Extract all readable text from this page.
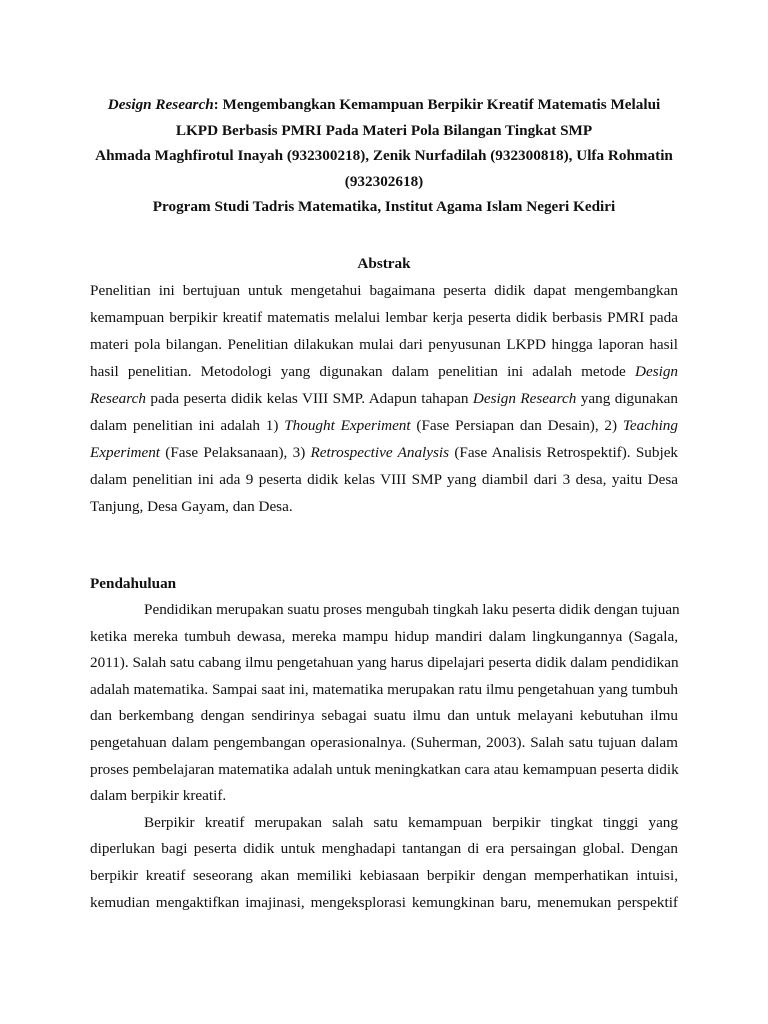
Design Research: Mengembangkan Kemampuan Berpikir Kreatif Matematis Melalui
LKPD Berbasis PMRI Pada Materi Pola Bilangan Tingkat SMP
Ahmada Maghfirotul Inayah (932300218), Zenik Nurfadilah (932300818), Ulfa Rohmatin
(932302618)
Program Studi Tadris Matematika, Institut Agama Islam Negeri Kediri
Abstrak
Penelitian ini bertujuan untuk mengetahui bagaimana peserta didik dapat mengembangkan
kemampuan berpikir kreatif matematis melalui lembar kerja peserta didik berbasis PMRI pada
materi pola bilangan. Penelitian dilakukan mulai dari penyusunan LKPD hingga laporan hasil
hasil penelitian. Metodologi yang digunakan dalam penelitian ini adalah metode Design
Research pada peserta didik kelas VIII SMP. Adapun tahapan Design Research yang digunakan
dalam penelitian ini adalah 1) Thought Experiment (Fase Persiapan dan Desain), 2) Teaching
Experiment (Fase Pelaksanaan), 3) Retrospective Analysis (Fase Analisis Retrospektif). Subjek
dalam penelitian ini ada 9 peserta didik kelas VIII SMP yang diambil dari 3 desa, yaitu Desa
Tanjung, Desa Gayam, dan Desa.
Pendahuluan
Pendidikan merupakan suatu proses mengubah tingkah laku peserta didik dengan tujuan
ketika mereka tumbuh dewasa, mereka mampu hidup mandiri dalam lingkungannya (Sagala,
2011). Salah satu cabang ilmu pengetahuan yang harus dipelajari peserta didik dalam pendidikan
adalah matematika. Sampai saat ini, matematika merupakan ratu ilmu pengetahuan yang tumbuh
dan berkembang dengan sendirinya sebagai suatu ilmu dan untuk melayani kebutuhan ilmu
pengetahuan dalam pengembangan operasionalnya. (Suherman, 2003). Salah satu tujuan dalam
proses pembelajaran matematika adalah untuk meningkatkan cara atau kemampuan peserta didik
dalam berpikir kreatif.
Berpikir kreatif merupakan salah satu kemampuan berpikir tingkat tinggi yang
diperlukan bagi peserta didik untuk menghadapi tantangan di era persaingan global. Dengan
berpikir kreatif seseorang akan memiliki kebiasaan berpikir dengan memperhatikan intuisi,
kemudian mengaktifkan imajinasi, mengeksplorasi kemungkinan baru, menemukan perspektif
